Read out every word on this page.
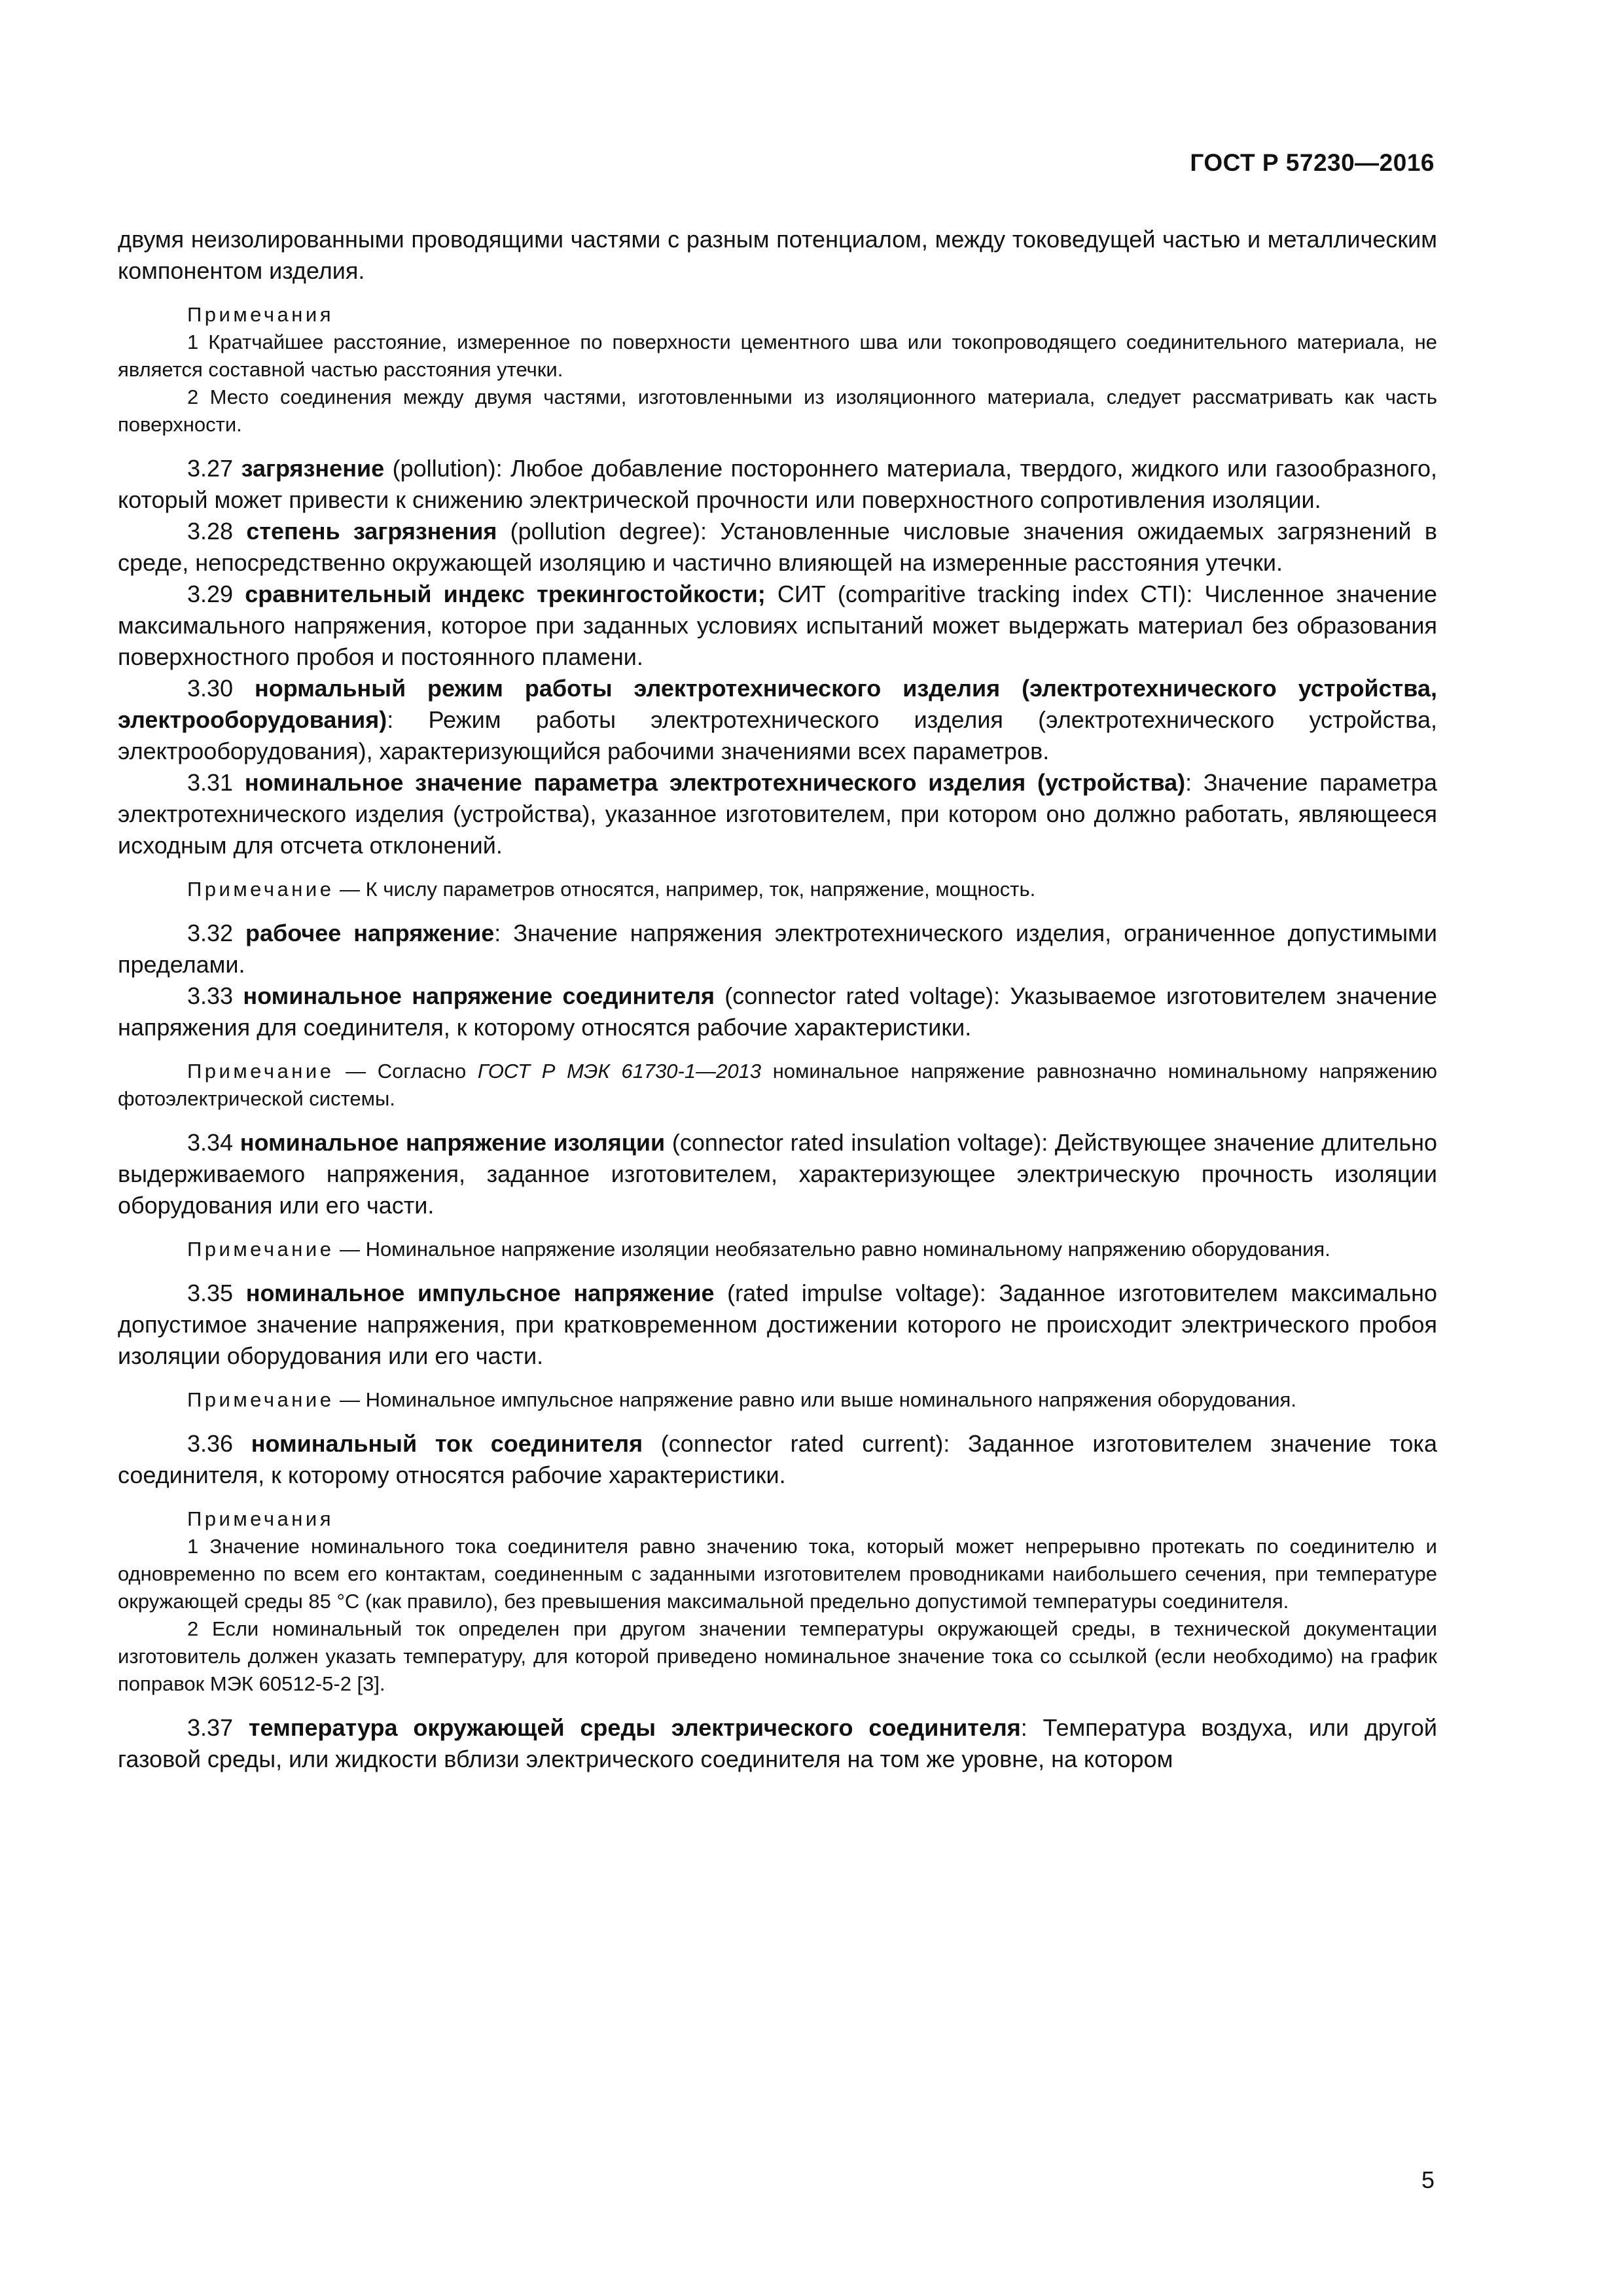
ГОСТ Р 57230—2016

двумя неизолированными проводящими частями с разным потенциалом, между токоведущей частью и металлическим компонентом изделия.

Примечания

1 Кратчайшее расстояние, измеренное по поверхности цементного шва или токопроводящего соединительного материала, не является составной частью расстояния утечки.

2 Место соединения между двумя частями, изготовленными из изоляционного материала, следует рассматривать как часть поверхности.

3.27 загрязнение (pollution): Любое добавление постороннего материала, твердого, жидкого или газообразного, который может привести к снижению электрической прочности или поверхностного сопротивления изоляции.

3.28 степень загрязнения (pollution degree): Установленные числовые значения ожидаемых загрязнений в среде, непосредственно окружающей изоляцию и частично влияющей на измеренные расстояния утечки.

3.29 сравнительный индекс трекингостойкости; СИТ (comparitive tracking index CTI): Численное значение максимального напряжения, которое при заданных условиях испытаний может выдержать материал без образования поверхностного пробоя и постоянного пламени.

3.30 нормальный режим работы электротехнического изделия (электротехнического устройства, электрооборудования): Режим работы электротехнического изделия (электротехнического устройства, электрооборудования), характеризующийся рабочими значениями всех параметров.

3.31 номинальное значение параметра электротехнического изделия (устройства): Значение параметра электротехнического изделия (устройства), указанное изготовителем, при котором оно должно работать, являющееся исходным для отсчета отклонений.

Примечание — К числу параметров относятся, например, ток, напряжение, мощность.

3.32 рабочее напряжение: Значение напряжения электротехнического изделия, ограниченное допустимыми пределами.

3.33 номинальное напряжение соединителя (connector rated voltage): Указываемое изготовителем значение напряжения для соединителя, к которому относятся рабочие характеристики.

Примечание — Согласно ГОСТ Р МЭК 61730-1—2013 номинальное напряжение равнозначно номинальному напряжению фотоэлектрической системы.

3.34 номинальное напряжение изоляции (connector rated insulation voltage): Действующее значение длительно выдерживаемого напряжения, заданное изготовителем, характеризующее электрическую прочность изоляции оборудования или его части.

Примечание — Номинальное напряжение изоляции необязательно равно номинальному напряжению оборудования.

3.35 номинальное импульсное напряжение (rated impulse voltage): Заданное изготовителем максимально допустимое значение напряжения, при кратковременном достижении которого не происходит электрического пробоя изоляции оборудования или его части.

Примечание — Номинальное импульсное напряжение равно или выше номинального напряжения оборудования.

3.36 номинальный ток соединителя (connector rated current): Заданное изготовителем значение тока соединителя, к которому относятся рабочие характеристики.

Примечания

1 Значение номинального тока соединителя равно значению тока, который может непрерывно протекать по соединителю и одновременно по всем его контактам, соединенным с заданными изготовителем проводниками наибольшего сечения, при температуре окружающей среды 85 °C (как правило), без превышения максимальной предельно допустимой температуры соединителя.

2 Если номинальный ток определен при другом значении температуры окружающей среды, в технической документации изготовитель должен указать температуру, для которой приведено номинальное значение тока со ссылкой (если необходимо) на график поправок МЭК 60512-5-2 [3].

3.37 температура окружающей среды электрического соединителя: Температура воздуха, или другой газовой среды, или жидкости вблизи электрического соединителя на том же уровне, на котором

5
